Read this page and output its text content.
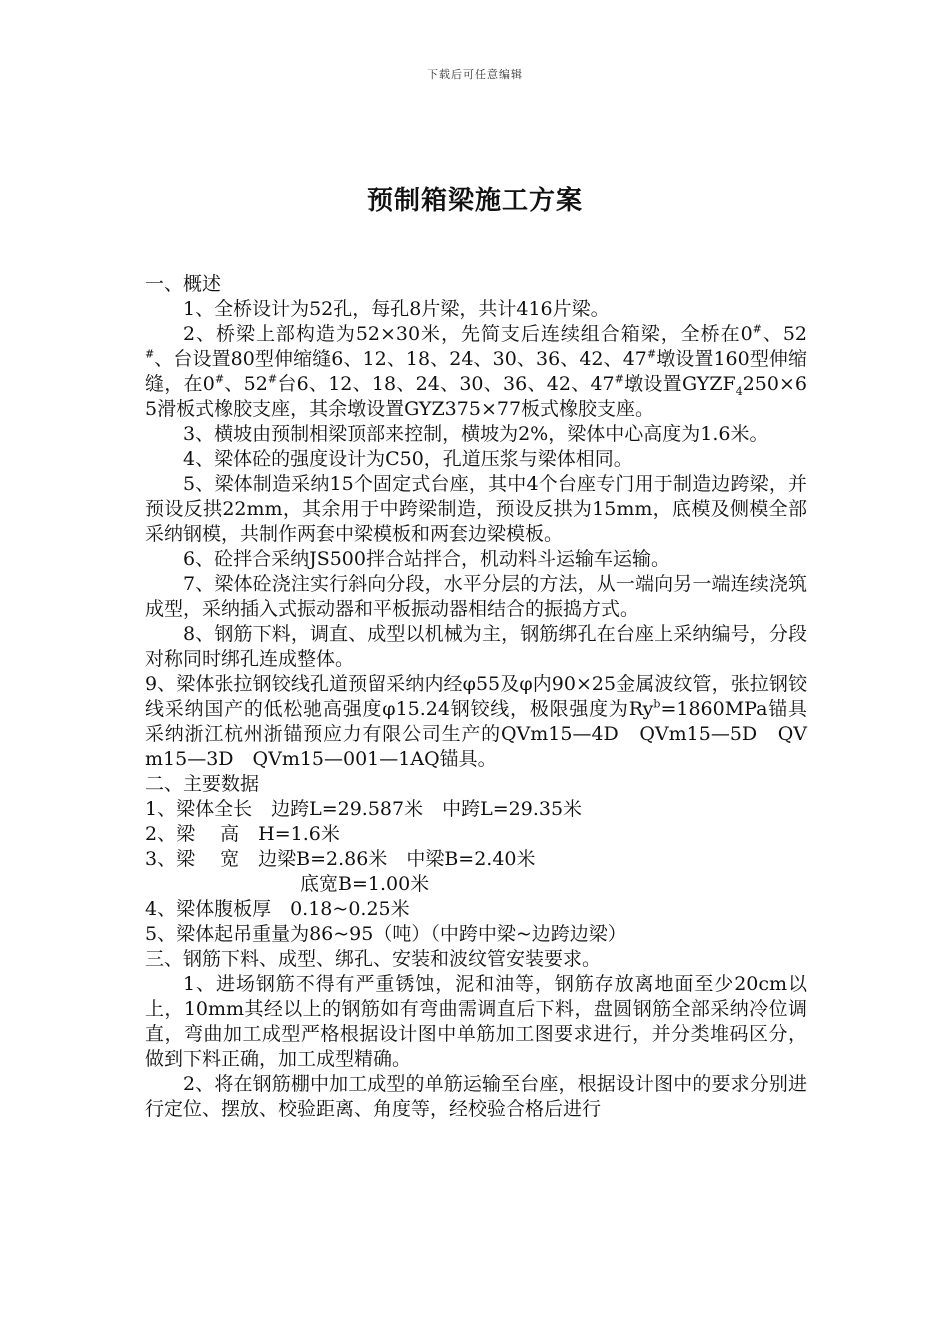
下载后可任意编辑
预制箱梁施工方案

一、概述

1、全桥设计为52孔，每孔8片梁，共计416片梁。

2、桥梁上部构造为52×30米，先简支后连续组合箱梁，全桥在0#、52#、台设置80型伸缩缝6、12、18、24、30、36、42、47#墩设置160型伸缩缝，在0#、52#台6、12、18、24、30、36、42、47#墩设置$GYZF_4250\times 65$滑板式橡胶支座，其余墩设置GYZ375×77板式橡胶支座。

3、横坡由预制相梁顶部来控制，横坡为2%，梁体中心高度为1.6米。

4、梁体砼的强度设计为C50，孔道压浆与梁体相同。

5、梁体制造采纳15个固定式台座，其中4个台座专门用于制造边跨梁，并预设反拱22mm，其余用于中跨梁制造，预设反拱为15mm，底模及侧模全部采纳钢模，共制作两套中梁模板和两套边梁模板。

6、砼拌合采纳JS500拌合站拌合，机动料斗运输车运输。

7、梁体砼浇注实行斜向分段，水平分层的方法，从一端向另一端连续浇筑成型，采纳插入式振动器和平板振动器相结合的振捣方式。

8、钢筋下料，调直、成型以机械为主，钢筋绑孔在台座上采纳编号，分段对称同时绑孔连成整体。

9、梁体张拉钢铰线孔道预留采纳内经φ55及φ内90×25金属波纹管，张拉钢铰线采纳国产的低松驰高强度φ15.24钢铰线，极限强度为$Ry^b=1860MPa$锚具采纳浙江杭州浙锚预应力有限公司生产的QVm15—4D　QVm15—5D　QVm15—3D　QVm15—001—1AQ锚具。

二、主要数据

1、梁体全长　边跨L=29.587米　中跨L=29.35米

2、梁　 高　H=1.6米

3、梁　 宽　边梁B=2.86米　中梁B=2.40米

底宽B=1.00米

4、梁体腹板厚　0.18~0.25米

5、梁体起吊重量为86~95（吨）（中跨中梁~边跨边梁）

三、钢筋下料、成型、绑孔、安装和波纹管安装要求。

1、进场钢筋不得有严重锈蚀，泥和油等，钢筋存放离地面至少20cm以上，10mm其经以上的钢筋如有弯曲需调直后下料，盘圆钢筋全部采纳冷位调直，弯曲加工成型严格根据设计图中单筋加工图要求进行，并分类堆码区分，做到下料正确，加工成型精确。

2、将在钢筋棚中加工成型的单筋运输至台座，根据设计图中的要求分别进行定位、摆放、校验距离、角度等，经校验合格后进行
